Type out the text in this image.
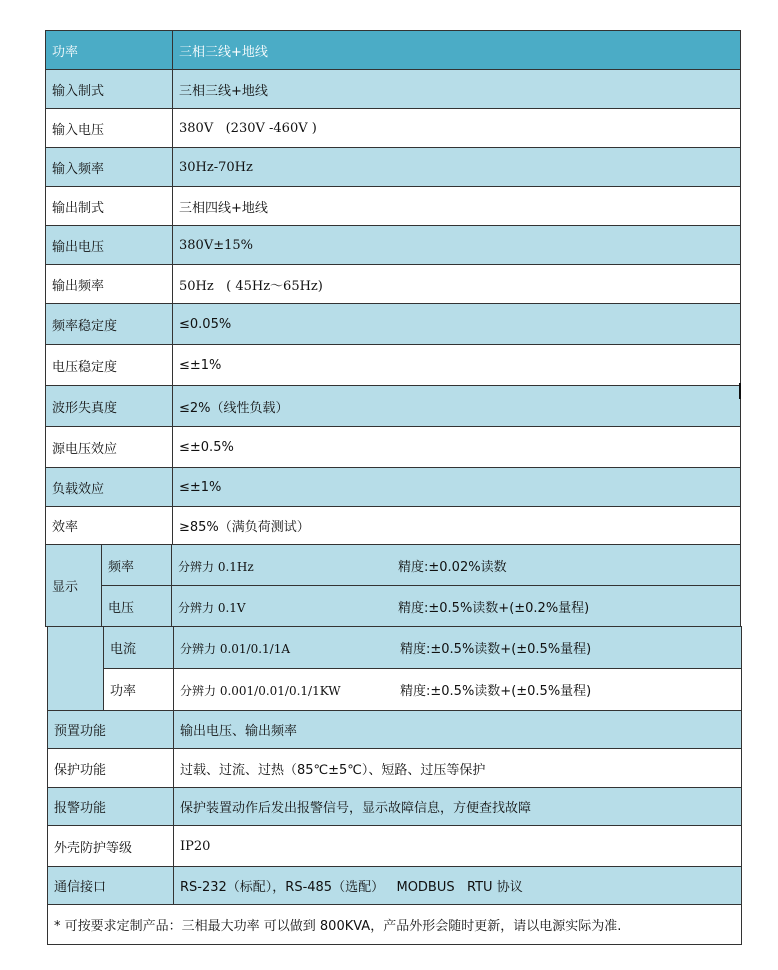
功率	三相三线+地线
输入制式	三相三线+地线
输入电压	380V   (230V -460V )
输入频率	30Hz-70Hz
输出制式	三相四线+地线
输出电压	380V±15%
输出频率	50Hz   ( 45Hz～65Hz)
频率稳定度	≤0.05%
电压稳定度	≤±1%
波形失真度	≤2%（线性负载）
源电压效应	≤±0.5%
负载效应	≤±1%
效率	≥85%（满负荷测试）
显示	频率	分辨力 0.1Hz 精度:±0.02%读数
	电压	分辨力 0.1V 精度:±0.5%读数+(±0.2%量程)
	电流	分辨力 0.01/0.1/1A 精度:±0.5%读数+(±0.5%量程)
	功率	分辨力 0.001/0.01/0.1/1KW 精度:±0.5%读数+(±0.5%量程)
预置功能		输出电压、输出频率
保护功能		过载、过流、过热（85℃±5℃）、短路、过压等保护
报警功能		保护装置动作后发出报警信号，显示故障信息，方便查找故障
外壳防护等级		IP20
通信接口		RS-232（标配），RS-485（选配）   MODBUS   RTU 协议
* 可按要求定制产品：三相最大功率 可以做到 800KVA，产品外形会随时更新，请以电源实际为准.		
